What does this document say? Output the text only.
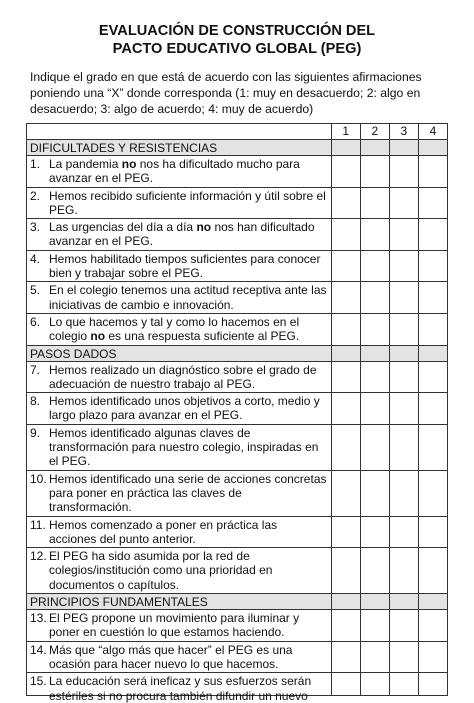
EVALUACIÓN DE CONSTRUCCIÓN DEL
PACTO EDUCATIVO GLOBAL (PEG)
Indique el grado en que está de acuerdo con las siguientes afirmaciones poniendo una “X” donde corresponda (1: muy en desacuerdo; 2: algo en desacuerdo; 3: algo de acuerdo; 4: muy de acuerdo)
	1	2	3	4
DIFICULTADES Y RESISTENCIAS				

1. La pandemia no nos ha dificultado mucho para avanzar en el PEG.				

2. Hemos recibido suficiente información y útil sobre el PEG.				

3. Las urgencias del día a día no nos han dificultado avanzar en el PEG.				

4. Hemos habilitado tiempos suficientes para conocer bien y trabajar sobre el PEG.				

5. En el colegio tenemos una actitud receptiva ante las iniciativas de cambio e innovación.				

6. Lo que hacemos y tal y como lo hacemos en el colegio no es una respuesta suficiente al PEG.				

PASOS DADOS				

7. Hemos realizado un diagnóstico sobre el grado de adecuación de nuestro trabajo al PEG.				

8. Hemos identificado unos objetivos a corto, medio y largo plazo para avanzar en el PEG.				

9. Hemos identificado algunas claves de transformación para nuestro colegio, inspiradas en el PEG.				

10. Hemos identificado una serie de acciones concretas para poner en práctica las claves de transformación.				

11. Hemos comenzado a poner en práctica las acciones del punto anterior.				

12. El PEG ha sido asumida por la red de colegios/institución como una prioridad en documentos o capítulos.				

PRINCIPIOS FUNDAMENTALES				

13. El PEG propone un movimiento para iluminar y poner en cuestión lo que estamos haciendo.				

14. Más que “algo más que hacer” el PEG es una ocasión para hacer nuevo lo que hacemos.				

15. La educación será ineficaz y sus esfuerzos serán estériles si no procura también difundir un nuevo				
